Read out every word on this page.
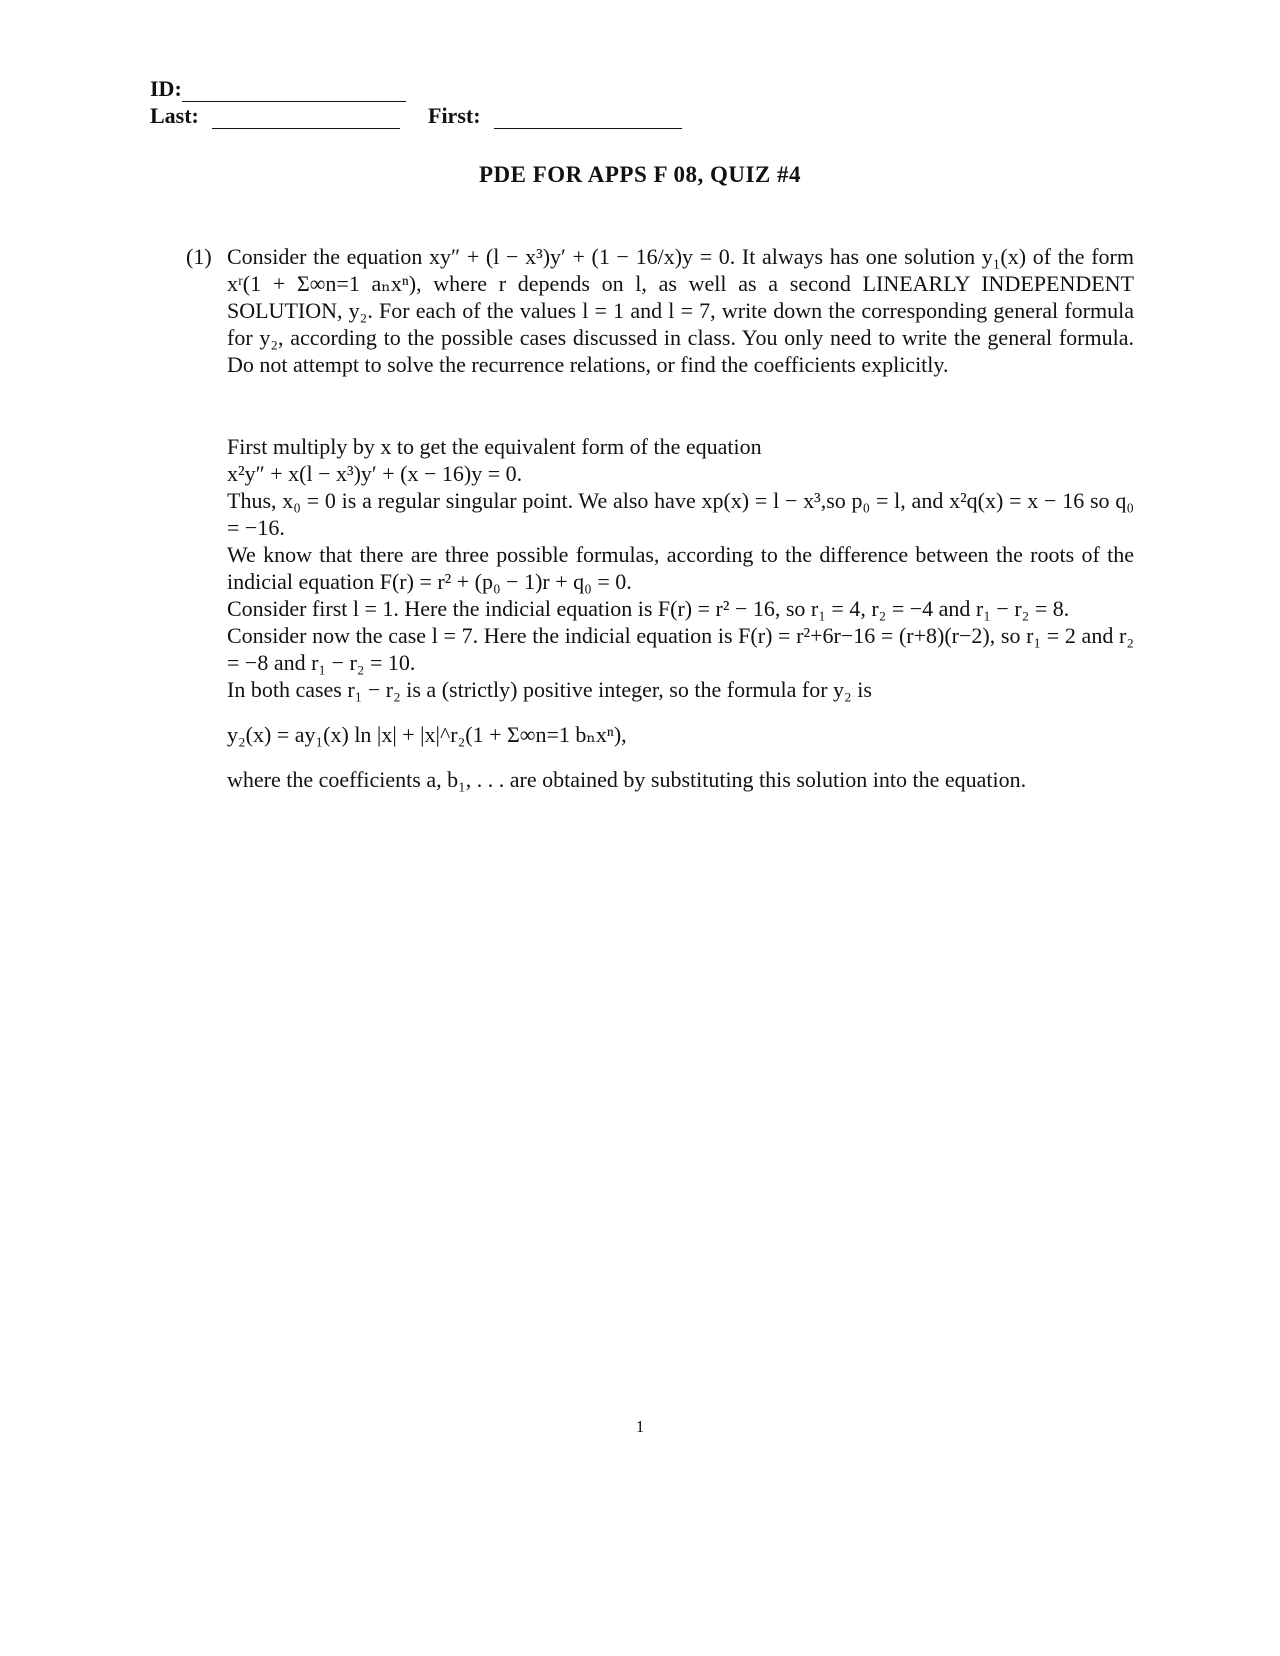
ID:
Last:	First:
PDE FOR APPS F 08, QUIZ #4
(1) Consider the equation xy″ + (l − x³)y′ + (1 − 16/x)y = 0. It always has one solution y₁(x) of the form xʳ(1 + Σ∞n=1 aₙxⁿ), where r depends on l, as well as a second LINEARLY INDEPENDENT SOLUTION, y₂. For each of the values l = 1 and l = 7, write down the corresponding general formula for y₂, according to the possible cases discussed in class. You only need to write the general formula. Do not attempt to solve the recurrence relations, or find the coefficients explicitly.

First multiply by x to get the equivalent form of the equation

x²y″ + x(l − x³)y′ + (x − 16)y = 0.

Thus, x₀ = 0 is a regular singular point. We also have xp(x) = l − x³,so p₀ = l, and x²q(x) = x − 16 so q₀ = −16.

We know that there are three possible formulas, according to the difference between the roots of the indicial equation F(r) = r² + (p₀ − 1)r + q₀ = 0.

Consider first l = 1. Here the indicial equation is F(r) = r² − 16, so r₁ = 4, r₂ = −4 and r₁ − r₂ = 8.

Consider now the case l = 7. Here the indicial equation is F(r) = r²+6r−16 = (r+8)(r−2), so r₁ = 2 and r₂ = −8 and r₁ − r₂ = 10.

In both cases r₁ − r₂ is a (strictly) positive integer, so the formula for y₂ is

y₂(x) = ay₁(x) ln |x| + |x|^r₂(1 + Σ∞n=1 bₙxⁿ),

where the coefficients a, b₁, . . . are obtained by substituting this solution into the equation.

1
